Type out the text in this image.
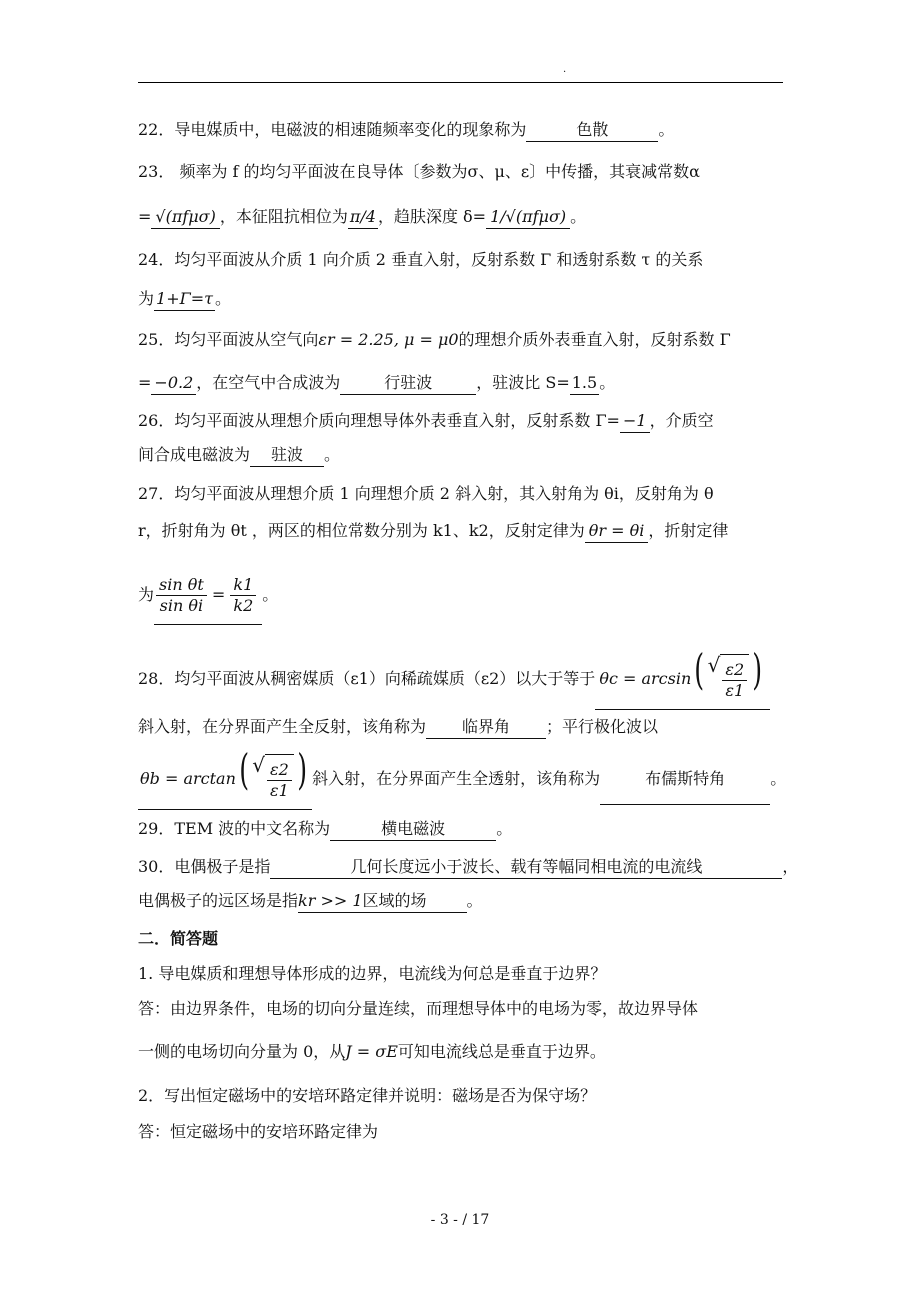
.
22．导电媒质中，电磁波的相速随频率变化的现象称为	色散	。
23． 频率为 f 的均匀平面波在良导体〔参数为σ、μ、ε〕中传播，其衰减常数α
= √(πfμσ) ，本征阻抗相位为 π/4 ，趋肤深度 δ= 1/√(πfμσ) 。
24．均匀平面波从介质 1 向介质 2 垂直入射，反射系数 Γ 和透射系数 τ 的关系
为 1+Γ=τ 。
25．均匀平面波从空气向εr = 2.25, μ = μ0的理想介质外表垂直入射，反射系数 Γ
= −0.2 ，在空气中合成波为	行驻波	，驻波比 S= 1.5 。
26．均匀平面波从理想介质向理想导体外表垂直入射，反射系数 Γ= −1 ，介质空
间合成电磁波为 驻波 。
27．均匀平面波从理想介质 1 向理想介质 2 斜入射，其入射角为 θi，反射角为 θ
r，折射角为 θt ，两区的相位常数分别为 k1、k2，反射定律为 θr = θi ，折射定律
为 $\frac{\text{sin θt}}{\text{sin θi}} = \frac{k1}{k2}$ 。
28．均匀平面波从稠密媒质（ε1）向稀疏媒质（ε2）以大于等于 θc = arcsin( √ $\frac{\varepsilon 2}{\varepsilon 1}$ )
斜入射，在分界面产生全反射，该角称为 临界角 ；平行极化波以
θb = arctan( √ $\frac{\varepsilon 2}{\varepsilon 1}$ ) 斜入射，在分界面产生全透射，该角称为	布儒斯特角	。
29．TEM 波的中文名称为	横电磁波	。
30．电偶极子是指	几何长度远小于波长、载有等幅同相电流的电流线	，
电偶极子的远区场是指kr >> 1区域的场	。
二．简答题
1. 导电媒质和理想导体形成的边界，电流线为何总是垂直于边界？
答：由边界条件，电场的切向分量连续，而理想导体中的电场为零，故边界导体
一侧的电场切向分量为 0，从J = σE可知电流线总是垂直于边界。
2．写出恒定磁场中的安培环路定律并说明：磁场是否为保守场？
答：恒定磁场中的安培环路定律为
- 3 - / 17
